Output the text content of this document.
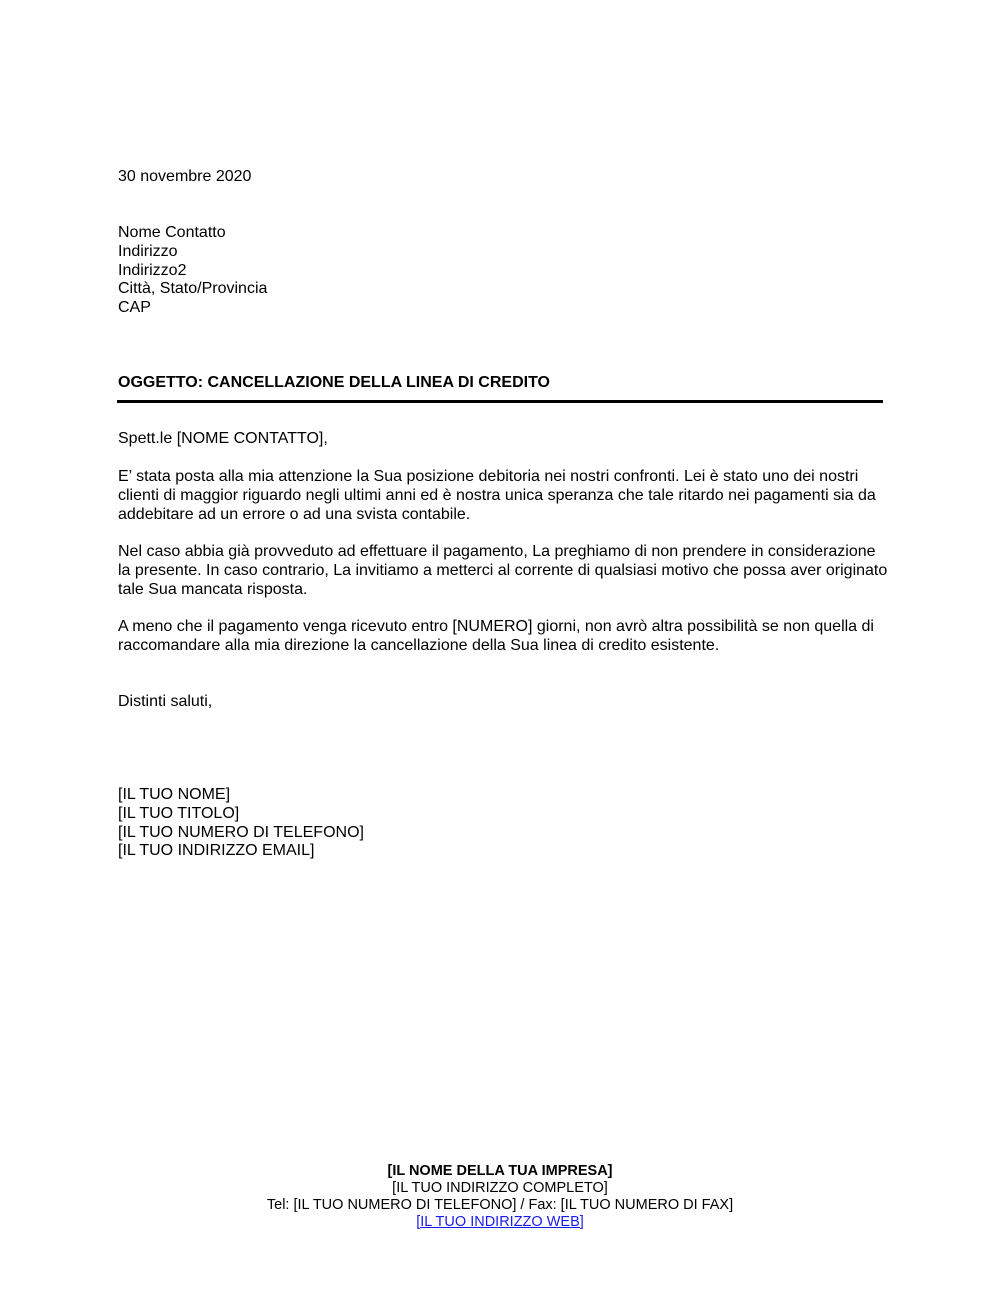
30 novembre 2020
Nome Contatto
Indirizzo
Indirizzo2
Città, Stato/Provincia
CAP
OGGETTO: CANCELLAZIONE DELLA LINEA DI CREDITO
Spett.le [NOME CONTATTO],
E’ stata posta alla mia attenzione la Sua posizione debitoria nei nostri confronti. Lei è stato uno dei nostri clienti di maggior riguardo negli ultimi anni ed è nostra unica speranza che tale ritardo nei pagamenti sia da addebitare ad un errore o ad una svista contabile.
Nel caso abbia già provveduto ad effettuare il pagamento, La preghiamo di non prendere in considerazione la presente. In caso contrario, La invitiamo a metterci al corrente di qualsiasi motivo che possa aver originato tale Sua mancata risposta.
A meno che il pagamento venga ricevuto entro [NUMERO] giorni, non avrò altra possibilità se non quella di raccomandare alla mia direzione la cancellazione della Sua linea di credito esistente.
Distinti saluti,
[IL TUO NOME]
[IL TUO TITOLO]
[IL TUO NUMERO DI TELEFONO]
[IL TUO INDIRIZZO EMAIL]
[IL NOME DELLA TUA IMPRESA]
[IL TUO INDIRIZZO COMPLETO]
Tel: [IL TUO NUMERO DI TELEFONO] / Fax: [IL TUO NUMERO DI FAX]
[IL TUO INDIRIZZO WEB]
